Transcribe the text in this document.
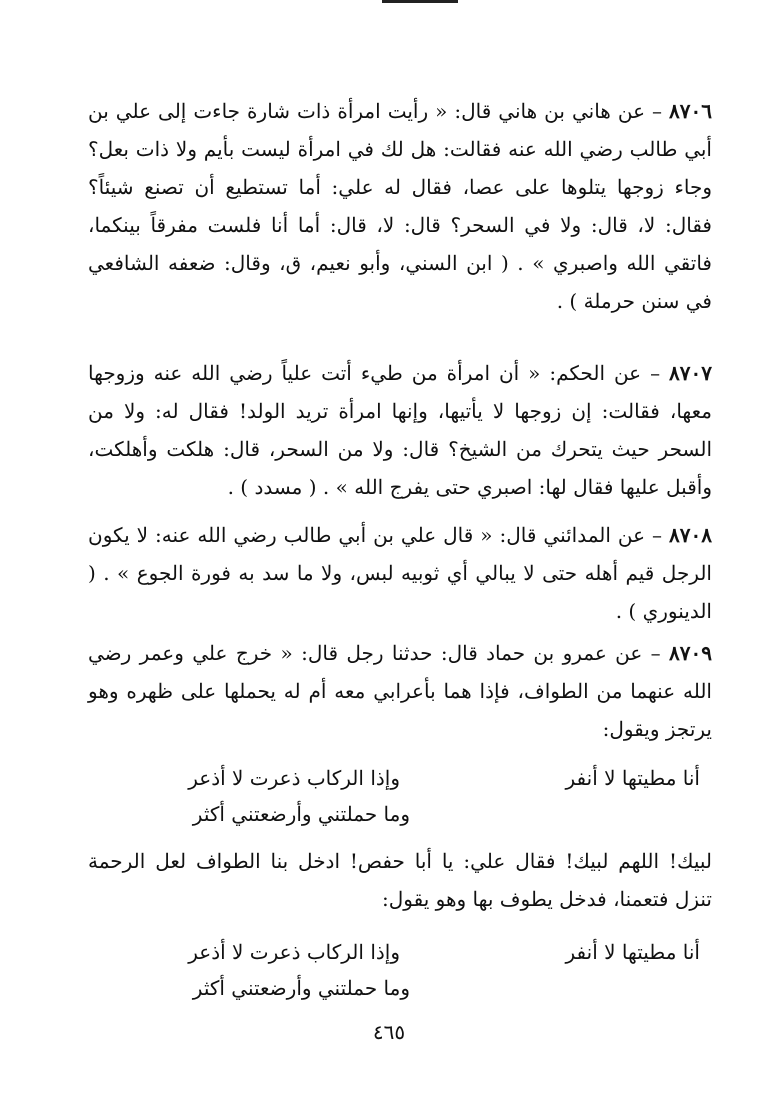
٨٧٠٦ – عن هاني بن هاني قال: « رأيت امرأة ذات شارة جاءت إلى علي بن أبي طالب رضي الله عنه فقالت: هل لك في امرأة ليست بأيم ولا ذات بعل؟ وجاء زوجها يتلوها على عصا، فقال له علي: أما تستطيع أن تصنع شيئاً؟ فقال: لا، قال: ولا في السحر؟ قال: لا، قال: أما أنا فلست مفرقاً بينكما، فاتقي الله واصبري » . ( ابن السني، وأبو نعيم، ق، وقال: ضعفه الشافعي في سنن حرملة ) .
٨٧٠٧ – عن الحكم: « أن امرأة من طيء أتت علياً رضي الله عنه وزوجها معها، فقالت: إن زوجها لا يأتيها، وإنها امرأة تريد الولد! فقال له: ولا من السحر حيث يتحرك من الشيخ؟ قال: ولا من السحر، قال: هلكت وأهلكت، وأقبل عليها فقال لها: اصبري حتى يفرج الله » . ( مسدد ) .
٨٧٠٨ – عن المدائني قال: « قال علي بن أبي طالب رضي الله عنه: لا يكون الرجل قيم أهله حتى لا يبالي أي ثوبيه لبس، ولا ما سد به فورة الجوع » . ( الدينوري ) .
٨٧٠٩ – عن عمرو بن حماد قال: حدثنا رجل قال: « خرج علي وعمر رضي الله عنهما من الطواف، فإذا هما بأعرابي معه أم له يحملها على ظهره وهو يرتجز ويقول:
أنا مطيتها لا أنفر
وإذا الركاب ذعرت لا أذعر
وما حملتني وأرضعتني أكثر
لبيك! اللهم لبيك! فقال علي: يا أبا حفص! ادخل بنا الطواف لعل الرحمة تنزل فتعمنا، فدخل يطوف بها وهو يقول:
أنا مطيتها لا أنفر
وإذا الركاب ذعرت لا أذعر
وما حملتني وأرضعتني أكثر
٤٦٥
